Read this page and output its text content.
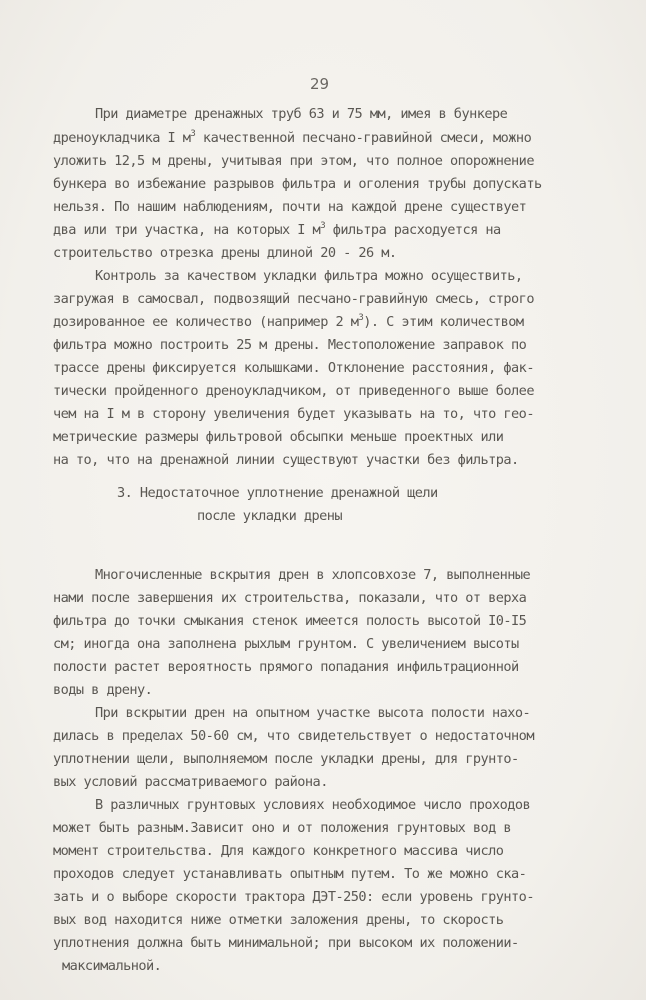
29
При диаметре дренажных труб 63 и 75 мм, имея в бункере
дреноукладчика I $м^3$ качественной песчано-гравийной смеси, можно
уложить 12,5 м дрены, учитывая при этом, что полное опорожнение
бункера во избежание разрывов фильтра и оголения трубы допускать
нельзя. По нашим наблюдениям, почти на каждой дрене существует
два или три участка, на которых I $м^3$ фильтра расходуется на
строительство отрезка дрены длиной 20 - 26 м.
Контроль за качеством укладки фильтра можно осуществить,
загружая в самосвал, подвозящий песчано-гравийную смесь, строго
дозированное ее количество (например 2 $м^3$). С этим количеством
фильтра можно построить 25 м дрены. Местоположение заправок по
трассе дрены фиксируется колышками. Отклонение расстояния, фак-
тически пройденного дреноукладчиком, от приведенного выше более
чем на I м в сторону увеличения будет указывать на то, что гео-
метрические размеры фильтровой обсыпки меньше проектных или
на то, что на дренажной линии существуют участки без фильтра.
Многочисленные вскрытия дрен в хлопсовхозе 7, выполненные
нами после завершения их строительства, показали, что от верха
фильтра до точки смыкания стенок имеется полость высотой I0-I5
см; иногда она заполнена рыхлым грунтом. С увеличением высоты
полости растет вероятность прямого попадания инфильтрационной
воды в дрену.
При вскрытии дрен на опытном участке высота полости нахо-
дилась в пределах 50-60 см, что свидетельствует о недостаточном
уплотнении щели, выполняемом после укладки дрены, для грунто-
вых условий рассматриваемого района.
В различных грунтовых условиях необходимое число проходов
может быть разным.Зависит оно и от положения грунтовых вод в
момент строительства. Для каждого конкретного массива число
проходов следует устанавливать опытным путем. То же можно ска-
зать и о выборе скорости трактора ДЭТ-250: если уровень грунто-
вых вод находится ниже отметки заложения дрены, то скорость
уплотнения должна быть минимальной; при высоком их положении-
максимальной.
3. Недостаточное уплотнение дренажной щели
после укладки дрены
